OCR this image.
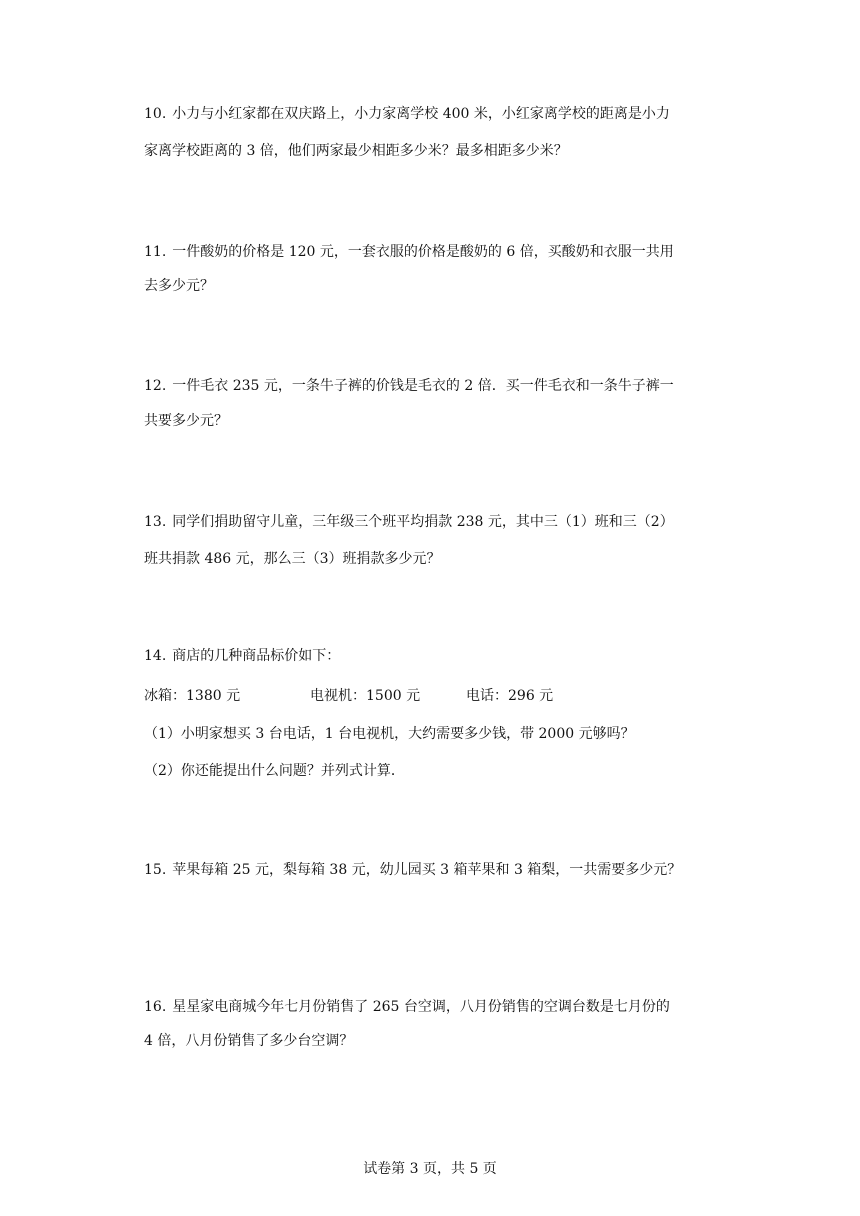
10. 小力与小红家都在双庆路上，小力家离学校 400 米，小红家离学校的距离是小力
家离学校距离的 3 倍，他们两家最少相距多少米？最多相距多少米？
11. 一件酸奶的价格是 120 元，一套衣服的价格是酸奶的 6 倍，买酸奶和衣服一共用
去多少元？
12. 一件毛衣 235 元，一条牛子裤的价钱是毛衣的 2 倍．买一件毛衣和一条牛子裤一
共要多少元？
13. 同学们捐助留守儿童，三年级三个班平均捐款 238 元，其中三（1）班和三（2）
班共捐款 486 元，那么三（3）班捐款多少元？
14. 商店的几种商品标价如下：
冰箱：1380 元	电视机：1500 元	电话：296 元
（1）小明家想买 3 台电话，1 台电视机，大约需要多少钱，带 2000 元够吗？
（2）你还能提出什么问题？并列式计算．
15. 苹果每箱 25 元，梨每箱 38 元，幼儿园买 3 箱苹果和 3 箱梨，一共需要多少元？
16. 星星家电商城今年七月份销售了 265 台空调，八月份销售的空调台数是七月份的
4 倍，八月份销售了多少台空调？
试卷第 3 页，共 5 页
